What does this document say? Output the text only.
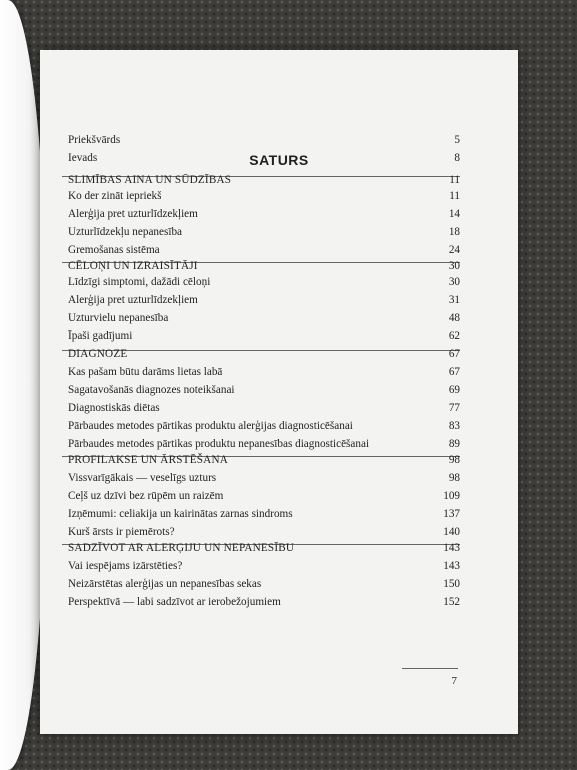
SATURS
Priekšvārds	5
Ievads	8
SLIMĪBAS AINA UN SŪDZĪBAS	11
Ko der zināt iepriekš	11
Alerģija pret uzturlīdzekļiem	14
Uzturlīdzekļu nepanesība	18
Gremošanas sistēma	24
CĒLOŅI UN IZRAISĪTĀJI	30
Līdzīgi simptomi, dažādi cēloņi	30
Alerģija pret uzturlīdzekļiem	31
Uzturvielu nepanesība	48
Īpaši gadījumi	62
DIAGNOZE	67
Kas pašam būtu darāms lietas labā	67
Sagatavošanās diagnozes noteikšanai	69
Diagnostiskās diētas	77
Pārbaudes metodes pārtikas produktu alerģijas diagnosticēšanai	83
Pārbaudes metodes pārtikas produktu nepanesības diagnosticēšanai	89
PROFILAKSE UN ĀRSTĒŠANA	98
Vissvarīgākais — veselīgs uzturs	98
Ceļš uz dzīvi bez rūpēm un raizēm	109
Izņēmumi: celiakija un kairinātas zarnas sindroms	137
Kurš ārsts ir piemērots?	140
SADZĪVOT AR ALERĢIJU UN NEPANESĪBU	143
Vai iespējams izārstēties?	143
Neizārstētas alerģijas un nepanesības sekas	150
Perspektīvā — labi sadzīvot ar ierobežojumiem	152
7
